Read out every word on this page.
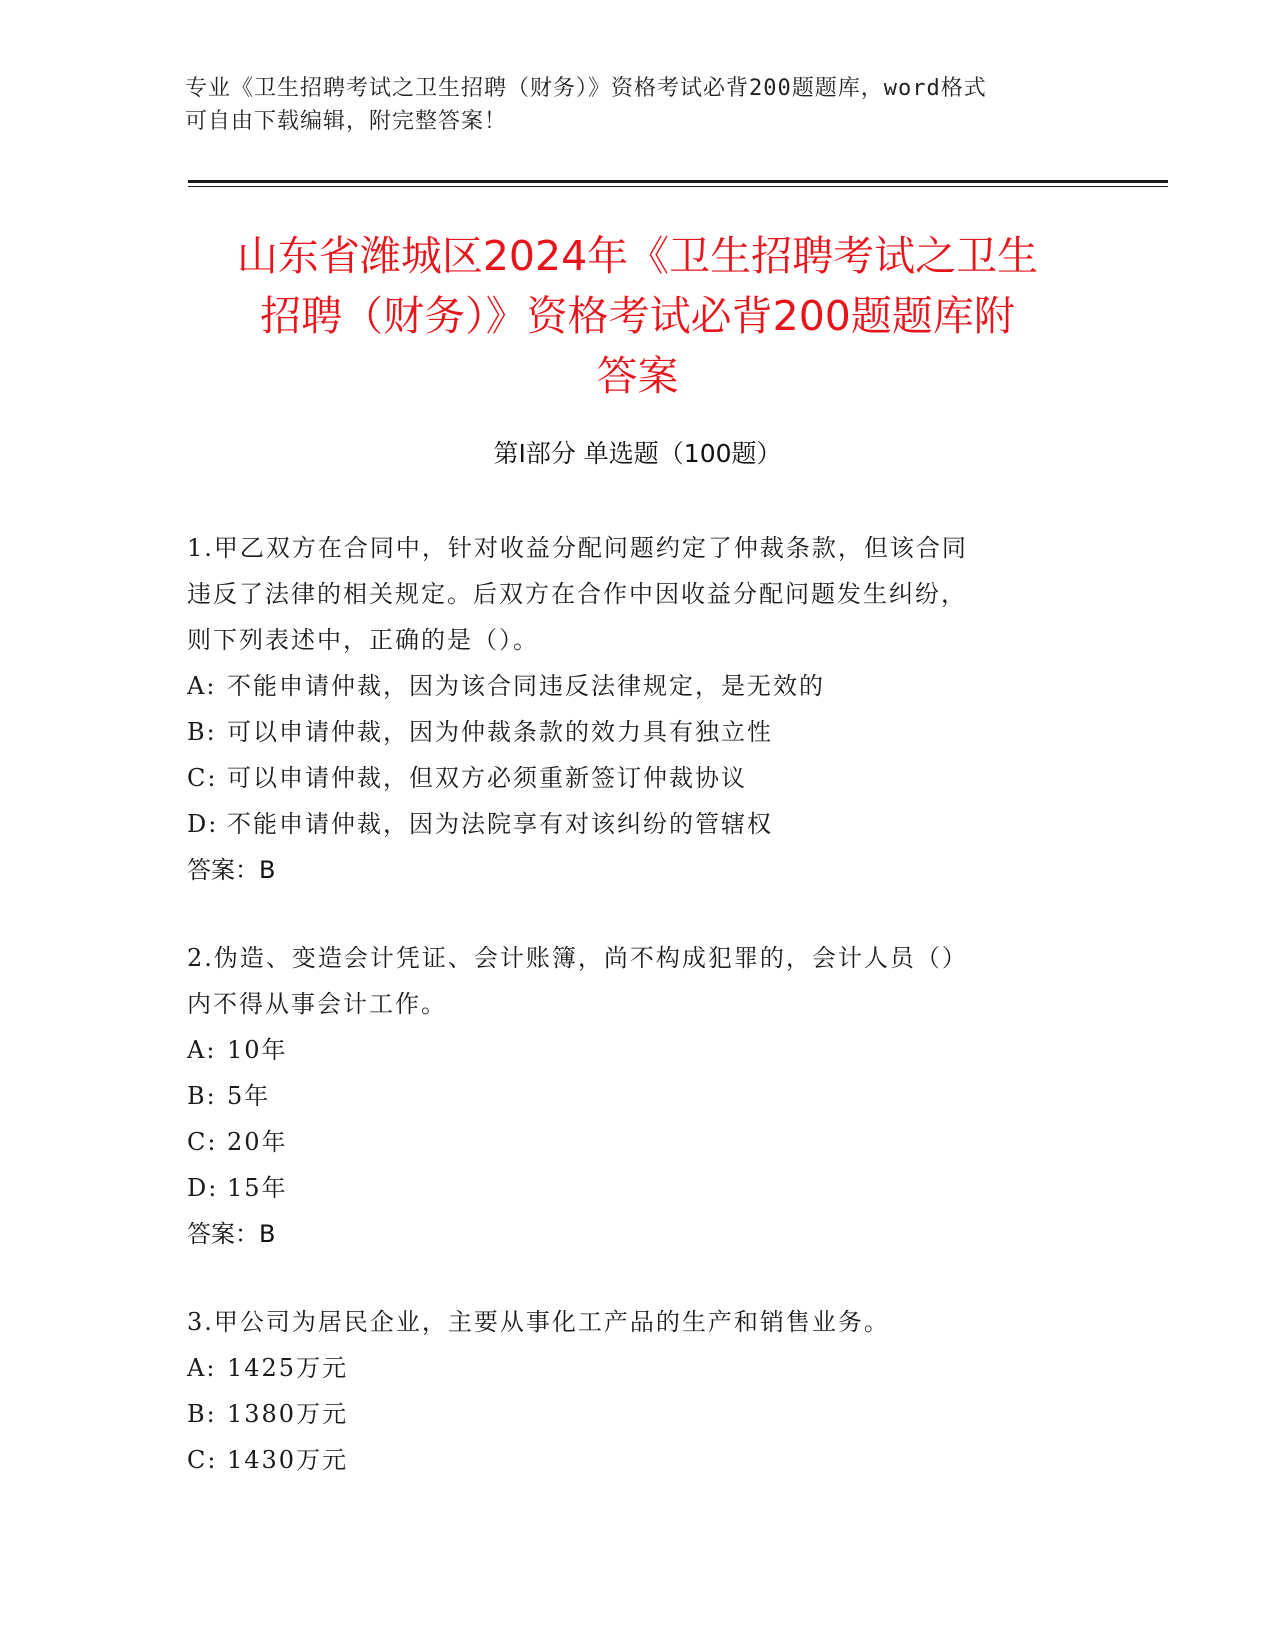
专业《卫生招聘考试之卫生招聘（财务）》资格考试必背200题题库，word格式
可自由下载编辑，附完整答案！
山东省潍城区2024年《卫生招聘考试之卫生
招聘（财务）》资格考试必背200题题库附
答案
第Ⅰ部分 单选题（100题）
1.甲乙双方在合同中，针对收益分配问题约定了仲裁条款，但该合同
违反了法律的相关规定。后双方在合作中因收益分配问题发生纠纷，
则下列表述中，正确的是（）。
A: 不能申请仲裁，因为该合同违反法律规定，是无效的
B: 可以申请仲裁，因为仲裁条款的效力具有独立性
C: 可以申请仲裁，但双方必须重新签订仲裁协议
D: 不能申请仲裁，因为法院享有对该纠纷的管辖权
答案：B
2.伪造、变造会计凭证、会计账簿，尚不构成犯罪的，会计人员（）
内不得从事会计工作。
A: 10年
B: 5年
C: 20年
D: 15年
答案：B
3.甲公司为居民企业，主要从事化工产品的生产和销售业务。
A: 1425万元
B: 1380万元
C: 1430万元
